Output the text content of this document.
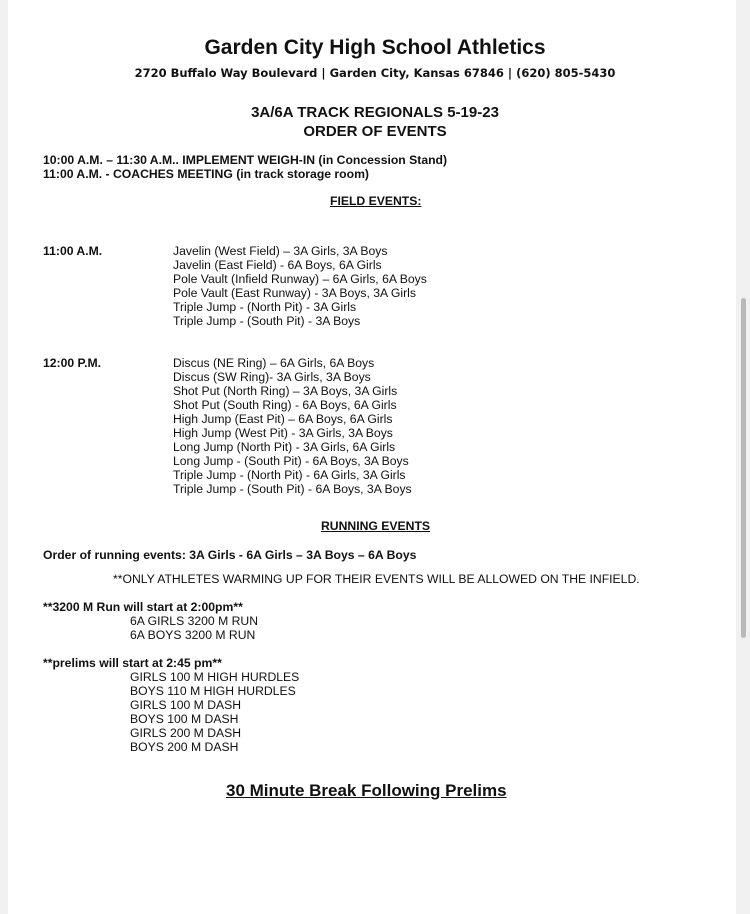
Garden City High School Athletics
2720 Buffalo Way Boulevard | Garden City, Kansas 67846 | (620) 805-5430
3A/6A TRACK REGIONALS 5-19-23
ORDER OF EVENTS
10:00 A.M. – 11:30 A.M.. IMPLEMENT WEIGH-IN (in Concession Stand)
11:00 A.M. - COACHES MEETING (in track storage room)
FIELD EVENTS:
11:00 A.M.	Javelin (West Field) – 3A Girls, 3A Boys
Javelin (East Field) - 6A Boys, 6A Girls
Pole Vault (Infield Runway) – 6A Girls, 6A Boys
Pole Vault (East Runway) - 3A Boys, 3A Girls
Triple Jump - (North Pit) - 3A Girls
Triple Jump - (South Pit) - 3A Boys
12:00 P.M.	Discus (NE Ring) – 6A Girls, 6A Boys
Discus (SW Ring)- 3A Girls, 3A Boys
Shot Put (North Ring) – 3A Boys, 3A Girls
Shot Put (South Ring) - 6A Boys, 6A Girls
High Jump (East Pit) – 6A Boys, 6A Girls
High Jump (West Pit) - 3A Girls, 3A Boys
Long Jump (North Pit) - 3A Girls, 6A Girls
Long Jump - (South Pit) - 6A Boys, 3A Boys
Triple Jump - (North Pit) - 6A Girls, 3A Girls
Triple Jump - (South Pit) - 6A Boys, 3A Boys
RUNNING EVENTS
Order of running events: 3A Girls - 6A Girls – 3A Boys – 6A Boys
**ONLY ATHLETES WARMING UP FOR THEIR EVENTS WILL BE ALLOWED ON THE INFIELD.
**3200 M Run will start at 2:00pm**
6A GIRLS 3200 M RUN
6A BOYS 3200 M RUN
**prelims will start at 2:45 pm**
GIRLS 100 M HIGH HURDLES
BOYS 110 M HIGH HURDLES
GIRLS 100 M DASH
BOYS 100 M DASH
GIRLS 200 M DASH
BOYS 200 M DASH
30 Minute Break Following Prelims
